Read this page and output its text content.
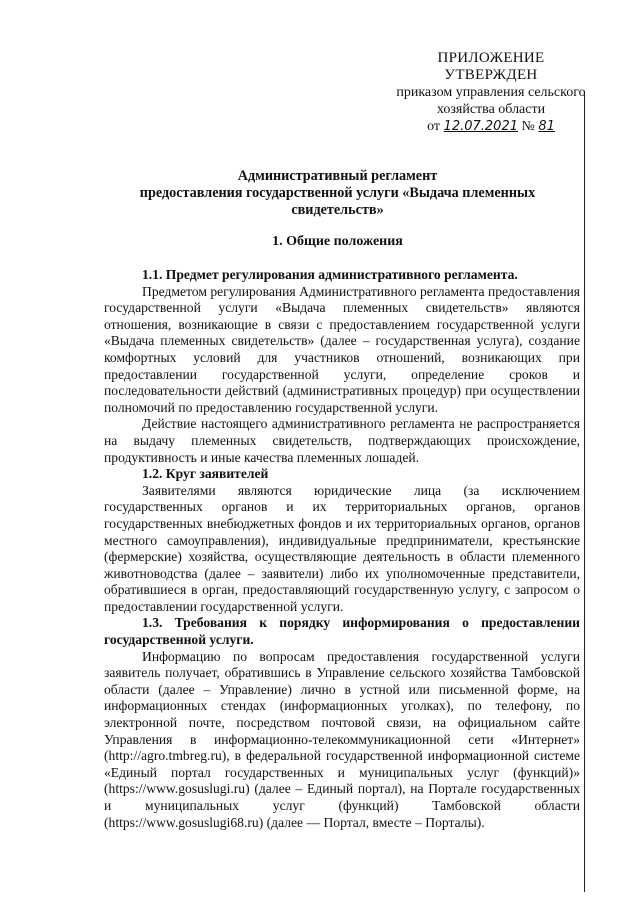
ПРИЛОЖЕНИЕ
УТВЕРЖДЕН
приказом управления сельского
хозяйства области
от 12.07.2021 № 81
Административный регламент
предоставления государственной услуги «Выдача племенных
свидетельств»
1. Общие положения

1.1. Предмет регулирования административного регламента.

Предметом регулирования Административного регламента предоставления государственной услуги «Выдача племенных свидетельств» являются отношения, возникающие в связи с предоставлением государственной услуги «Выдача племенных свидетельств» (далее – государственная услуга), создание комфортных условий для участников отношений, возникающих при предоставлении государственной услуги, определение сроков и последовательности действий (административных процедур) при осуществлении полномочий по предоставлению государственной услуги.

Действие настоящего административного регламента не распространяется на выдачу племенных свидетельств, подтверждающих происхождение, продуктивность и иные качества племенных лошадей.

1.2. Круг заявителей

Заявителями являются юридические лица (за исключением государственных органов и их территориальных органов, органов государственных внебюджетных фондов и их территориальных органов, органов местного самоуправления), индивидуальные предприниматели, крестьянские (фермерские) хозяйства, осуществляющие деятельность в области племенного животноводства (далее – заявители) либо их уполномоченные представители, обратившиеся в орган, предоставляющий государственную услугу, с запросом о предоставлении государственной услуги.

1.3. Требования к порядку информирования о предоставлении государственной услуги.

Информацию по вопросам предоставления государственной услуги заявитель получает, обратившись в Управление сельского хозяйства Тамбовской области (далее – Управление) лично в устной или письменной форме, на информационных стендах (информационных уголках), по телефону, по электронной почте, посредством почтовой связи, на официальном сайте Управления в информационно-телекоммуникационной сети «Интернет» (http://agro.tmbreg.ru), в федеральной государственной информационной системе «Единый портал государственных и муниципальных услуг (функций)» (https://www.gosuslugi.ru) (далее – Единый портал), на Портале государственных и муниципальных услуг (функций) Тамбовской области (https://www.gosuslugi68.ru) (далее — Портал, вместе – Порталы).
